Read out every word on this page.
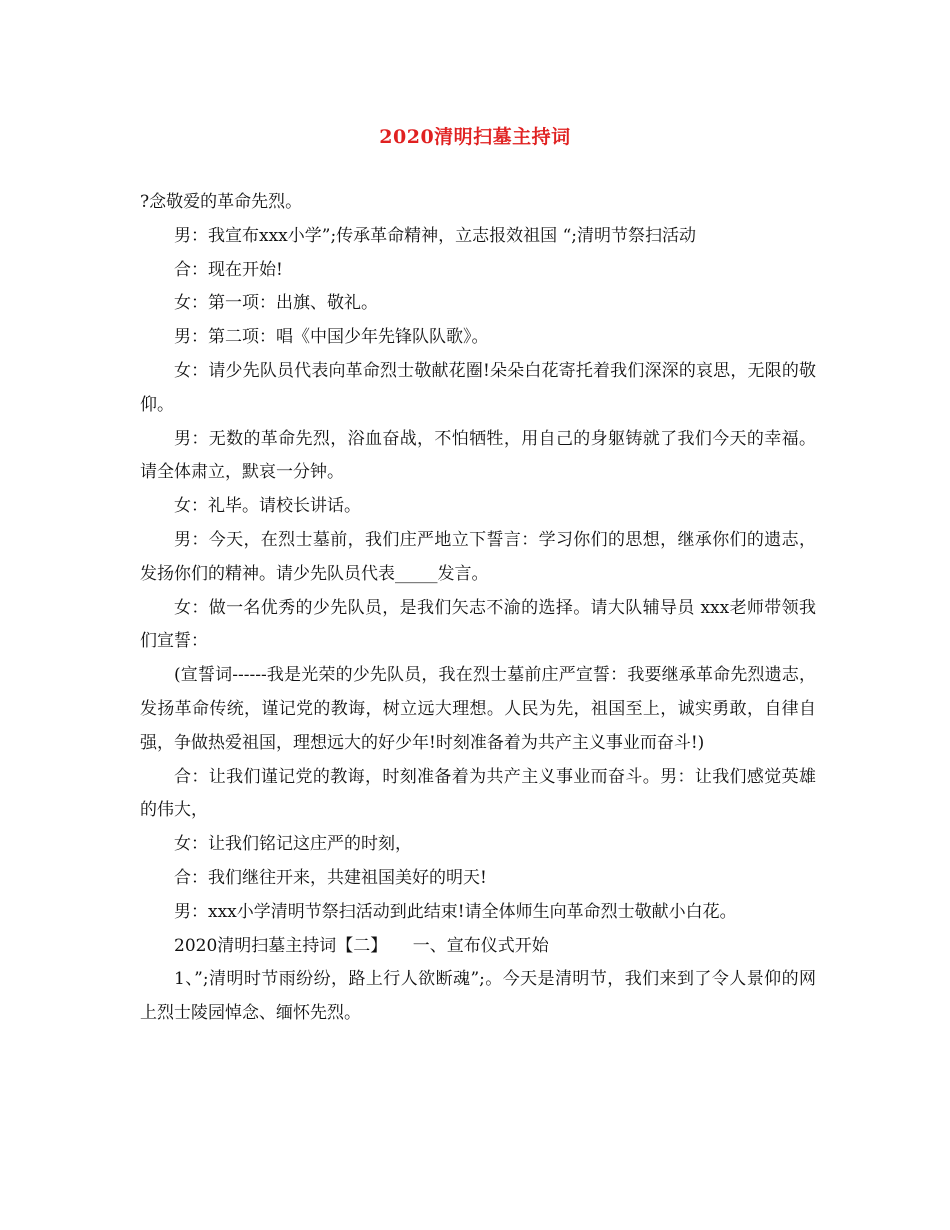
2020清明扫墓主持词

?念敬爱的革命先烈。

男：我宣布xxx小学”;传承革命精神，立志报效祖国 “;清明节祭扫活动

合：现在开始!

女：第一项：出旗、敬礼。

男：第二项：唱《中国少年先锋队队歌》。

女：请少先队员代表向革命烈士敬献花圈!朵朵白花寄托着我们深深的哀思，无限的敬仰。

男：无数的革命先烈，浴血奋战，不怕牺牲，用自己的身躯铸就了我们今天的幸福。请全体肃立，默哀一分钟。

女：礼毕。请校长讲话。

男：今天，在烈士墓前，我们庄严地立下誓言：学习你们的思想，继承你们的遗志，发扬你们的精神。请少先队员代表_____发言。

女：做一名优秀的少先队员，是我们矢志不渝的选择。请大队辅导员 xxx老师带领我们宣誓：

(宣誓词------我是光荣的少先队员，我在烈士墓前庄严宣誓：我要继承革命先烈遗志，发扬革命传统，谨记党的教诲，树立远大理想。人民为先，祖国至上，诚实勇敢，自律自强，争做热爱祖国，理想远大的好少年!时刻准备着为共产主义事业而奋斗!)

合：让我们谨记党的教诲，时刻准备着为共产主义事业而奋斗。男：让我们感觉英雄的伟大，

女：让我们铭记这庄严的时刻，

合：我们继往开来，共建祖国美好的明天!

男：xxx小学清明节祭扫活动到此结束!请全体师生向革命烈士敬献小白花。

2020清明扫墓主持词【二】　　一、宣布仪式开始

1、”;清明时节雨纷纷，路上行人欲断魂”;。今天是清明节，我们来到了令人景仰的网上烈士陵园悼念、缅怀先烈。
